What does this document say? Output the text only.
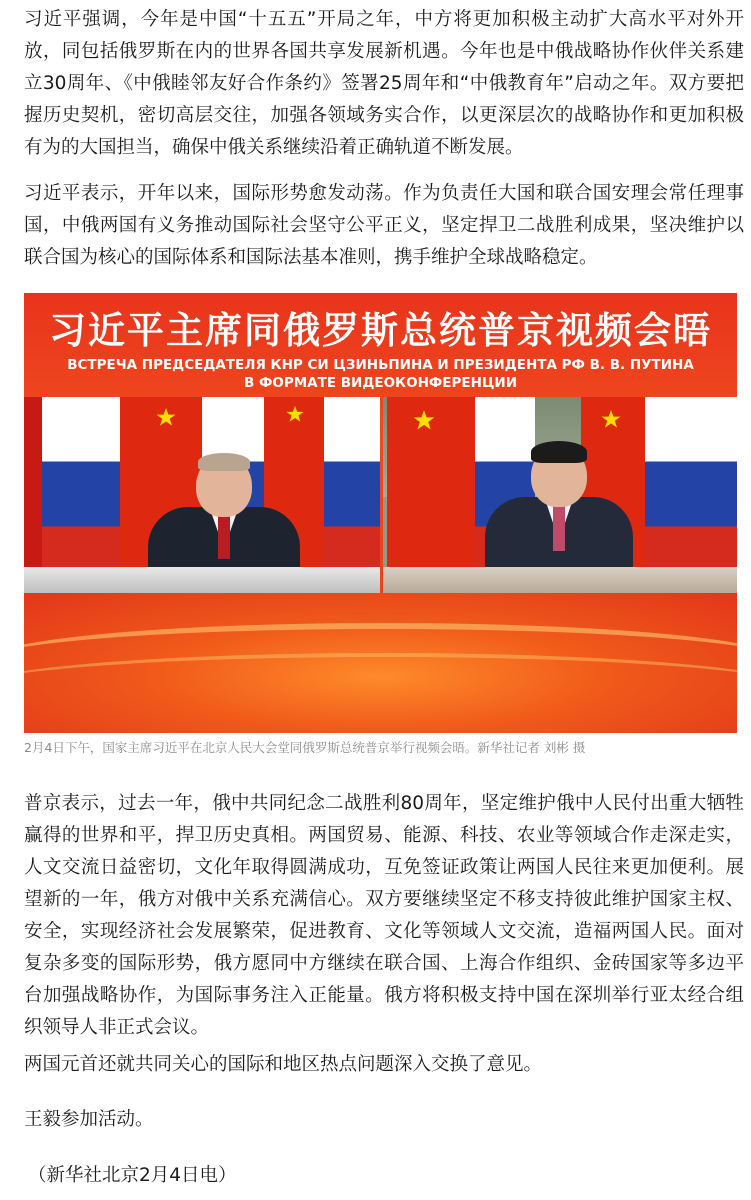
习近平强调，今年是中国“十五五”开局之年，中方将更加积极主动扩大高水平对外开放，同包括俄罗斯在内的世界各国共享发展新机遇。今年也是中俄战略协作伙伴关系建立30周年、《中俄睦邻友好合作条约》签署25周年和“中俄教育年”启动之年。双方要把握历史契机，密切高层交往，加强各领域务实合作，以更深层次的战略协作和更加积极有为的大国担当，确保中俄关系继续沿着正确轨道不断发展。

习近平表示，开年以来，国际形势愈发动荡。作为负责任大国和联合国安理会常任理事国，中俄两国有义务推动国际社会坚守公平正义，坚定捍卫二战胜利成果，坚决维护以联合国为核心的国际体系和国际法基本准则，携手维护全球战略稳定。

习近平主席同俄罗斯总统普京视频会晤
ВСТРЕЧА ПРЕДСЕДАТЕЛЯ КНР СИ ЦЗИНЬПИНА И ПРЕЗИДЕНТА РФ В. В. ПУТИНА
В ФОРМАТЕ ВИДЕОКОНФЕРЕНЦИИ
2月4日下午，国家主席习近平在北京人民大会堂同俄罗斯总统普京举行视频会晤。新华社记者 刘彬 摄

普京表示，过去一年，俄中共同纪念二战胜利80周年，坚定维护俄中人民付出重大牺牲赢得的世界和平，捍卫历史真相。两国贸易、能源、科技、农业等领域合作走深走实，人文交流日益密切，文化年取得圆满成功，互免签证政策让两国人民往来更加便利。展望新的一年，俄方对俄中关系充满信心。双方要继续坚定不移支持彼此维护国家主权、安全，实现经济社会发展繁荣，促进教育、文化等领域人文交流，造福两国人民。面对复杂多变的国际形势，俄方愿同中方继续在联合国、上海合作组织、金砖国家等多边平台加强战略协作，为国际事务注入正能量。俄方将积极支持中国在深圳举行亚太经合组织领导人非正式会议。

两国元首还就共同关心的国际和地区热点问题深入交换了意见。

王毅参加活动。

（新华社北京2月4日电）
